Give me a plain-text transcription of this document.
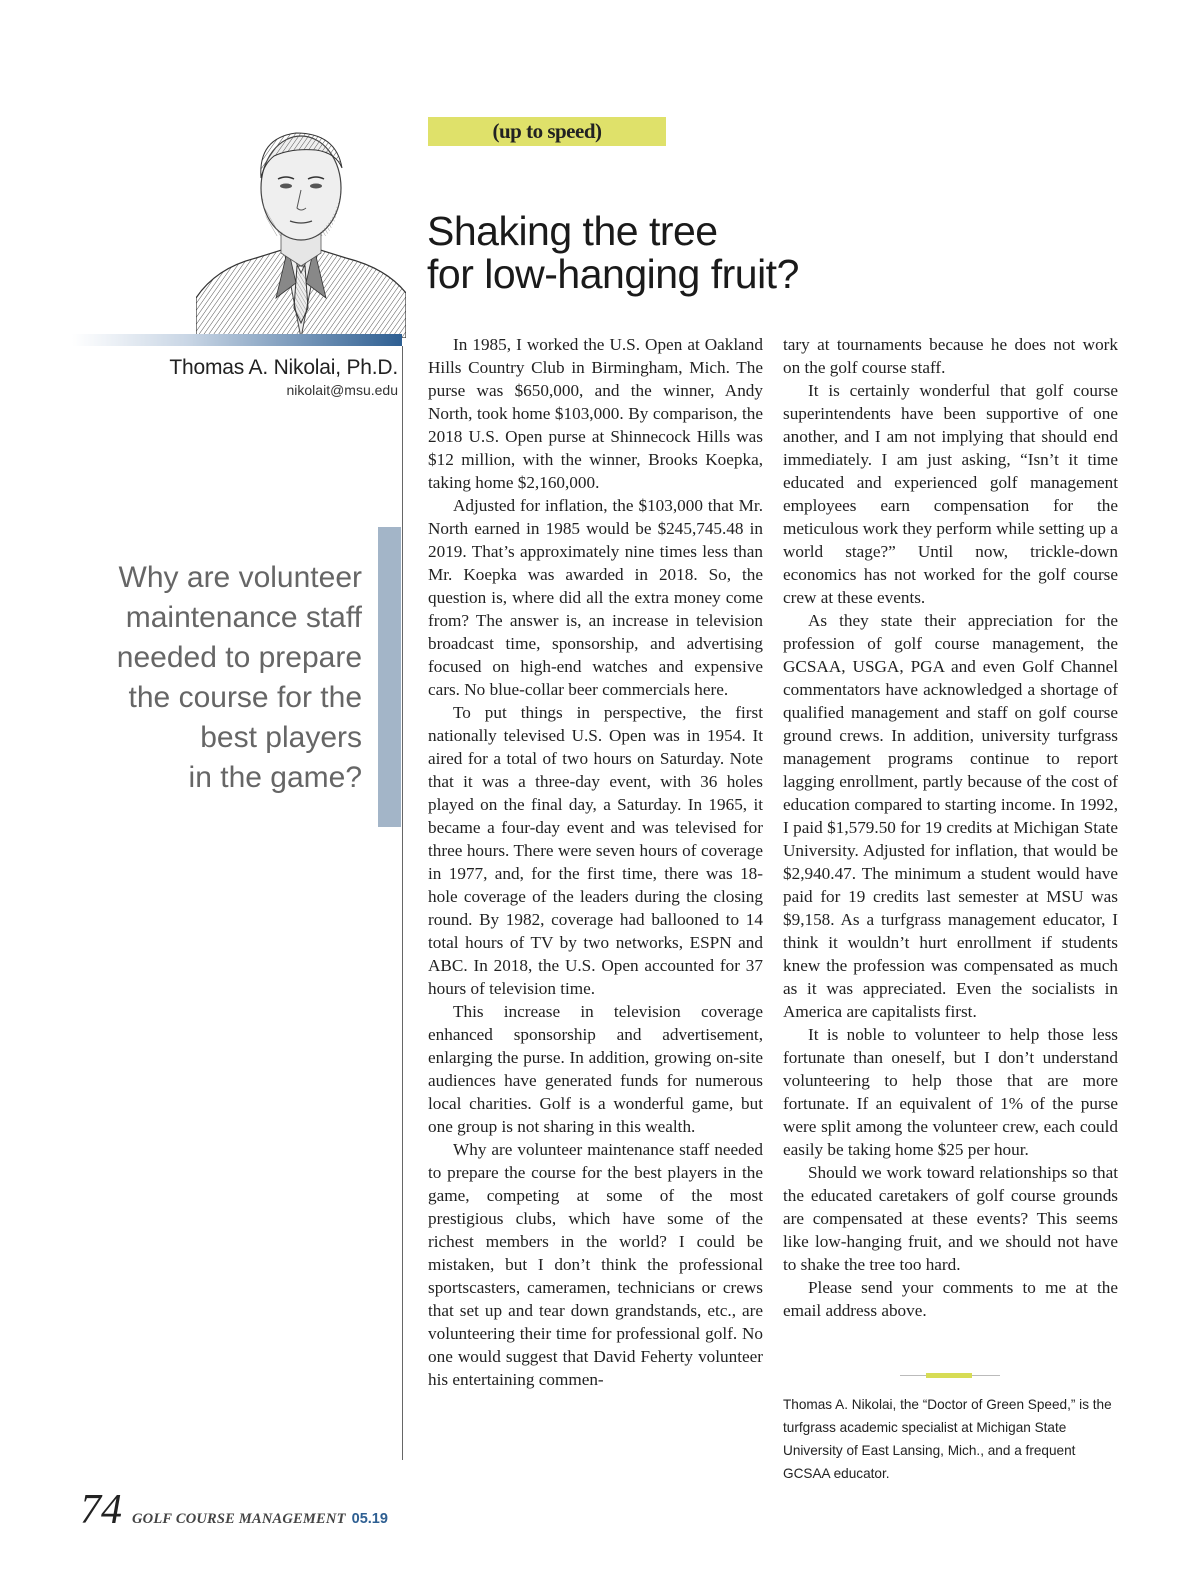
Thomas A. Nikolai, Ph.D.
nikolait@msu.edu
Why are volunteer
maintenance staff
needed to prepare
the course for the
best players
in the game?
(up to speed)
Shaking the tree
for low-hanging fruit?

In 1985, I worked the U.S. Open at Oakland Hills Country Club in Birmingham, Mich. The purse was $650,000, and the winner, Andy North, took home $103,000. By comparison, the 2018 U.S. Open purse at Shinnecock Hills was $12 million, with the winner, Brooks Koepka, taking home $2,160,000.

Adjusted for inflation, the $103,000 that Mr. North earned in 1985 would be $245,745.48 in 2019. That’s approximately nine times less than Mr. Koepka was awarded in 2018. So, the question is, where did all the extra money come from? The answer is, an increase in television broadcast time, sponsorship, and advertising focused on high-end watches and expensive cars. No blue-collar beer commercials here.

To put things in perspective, the first nationally televised U.S. Open was in 1954. It aired for a total of two hours on Saturday. Note that it was a three-day event, with 36 holes played on the final day, a Saturday. In 1965, it became a four-day event and was televised for three hours. There were seven hours of coverage in 1977, and, for the first time, there was 18-hole coverage of the leaders during the closing round. By 1982, coverage had ballooned to 14 total hours of TV by two networks, ESPN and ABC. In 2018, the U.S. Open accounted for 37 hours of television time.

This increase in television coverage enhanced sponsorship and advertisement, enlarging the purse. In addition, growing on-site audiences have generated funds for numerous local charities. Golf is a wonderful game, but one group is not sharing in this wealth.

Why are volunteer maintenance staff needed to prepare the course for the best players in the game, competing at some of the most prestigious clubs, which have some of the richest members in the world? I could be mistaken, but I don’t think the professional sportscasters, cameramen, technicians or crews that set up and tear down grandstands, etc., are volunteering their time for professional golf. No one would suggest that David Feherty volunteer his entertaining commen-

tary at tournaments because he does not work on the golf course staff.

It is certainly wonderful that golf course superintendents have been supportive of one another, and I am not implying that should end immediately. I am just asking, “Isn’t it time educated and experienced golf management employees earn compensation for the meticulous work they perform while setting up a world stage?” Until now, trickle-down economics has not worked for the golf course crew at these events.

As they state their appreciation for the profession of golf course management, the GCSAA, USGA, PGA and even Golf Channel commentators have acknowledged a shortage of qualified management and staff on golf course ground crews. In addition, university turfgrass management programs continue to report lagging enrollment, partly because of the cost of education compared to starting income. In 1992, I paid $1,579.50 for 19 credits at Michigan State University. Adjusted for inflation, that would be $2,940.47. The minimum a student would have paid for 19 credits last semester at MSU was $9,158. As a turfgrass management educator, I think it wouldn’t hurt enrollment if students knew the profession was compensated as much as it was appreciated. Even the socialists in America are capitalists first.

It is noble to volunteer to help those less fortunate than oneself, but I don’t understand volunteering to help those that are more fortunate. If an equivalent of 1% of the purse were split among the volunteer crew, each could easily be taking home $25 per hour.

Should we work toward relationships so that the educated caretakers of golf course grounds are compensated at these events? This seems like low-hanging fruit, and we should not have to shake the tree too hard.

Please send your comments to me at the email address above.

Thomas A. Nikolai, the “Doctor of Green Speed,” is the turfgrass academic specialist at Michigan State University of East Lansing, Mich., and a frequent GCSAA educator.
74 GOLF COURSE MANAGEMENT 05.19
